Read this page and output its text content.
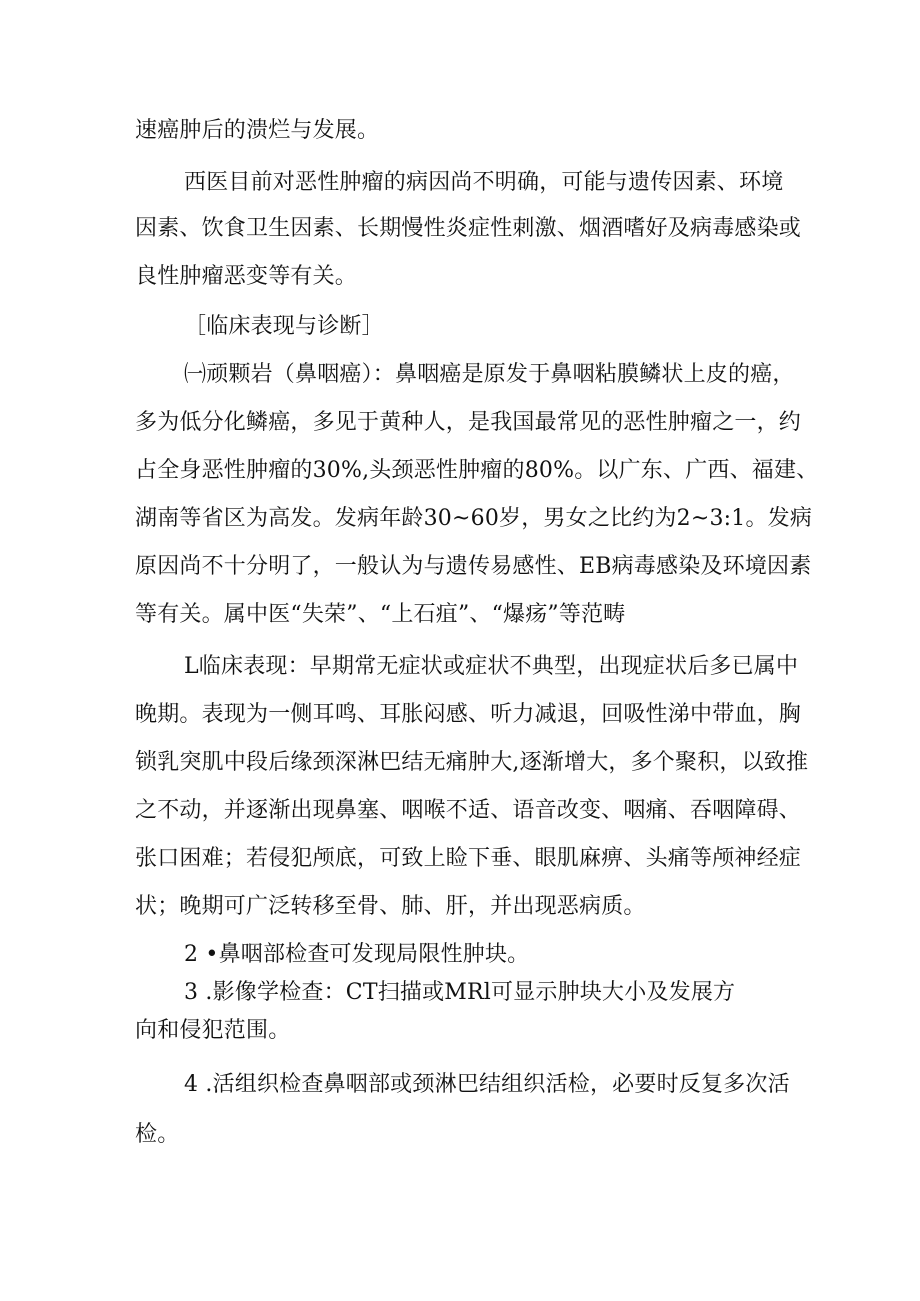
速癌肿后的溃烂与发展。
西医目前对恶性肿瘤的病因尚不明确，可能与遗传因素、环境
因素、饮食卫生因素、长期慢性炎症性刺激、烟酒嗜好及病毒感染或
良性肿瘤恶变等有关。
［临床表现与诊断］
㈠顽颗岩（鼻咽癌）：鼻咽癌是原发于鼻咽粘膜鳞状上皮的癌，
多为低分化鳞癌，多见于黄种人，是我国最常见的恶性肿瘤之一，约
占全身恶性肿瘤的30%,头颈恶性肿瘤的80%。以广东、广西、福建、
湖南等省区为高发。发病年龄30~60岁，男女之比约为2~3:1。发病
原因尚不十分明了，一般认为与遗传易感性、EB病毒感染及环境因素
等有关。属中医“失荣”、“上石疽”、“爆疡”等范畴
L临床表现：早期常无症状或症状不典型，出现症状后多已属中
晚期。表现为一侧耳鸣、耳胀闷感、听力减退，回吸性涕中带血，胸
锁乳突肌中段后缘颈深淋巴结无痛肿大,逐渐增大，多个聚积，以致推
之不动，并逐渐出现鼻塞、咽喉不适、语音改变、咽痛、吞咽障碍、
张口困难；若侵犯颅底，可致上睑下垂、眼肌麻痹、头痛等颅神经症
状；晚期可广泛转移至骨、肺、肝，并出现恶病质。
2 •鼻咽部检查可发现局限性肿块。
3 .影像学检查：CT扫描或MRl可显示肿块大小及发展方
向和侵犯范围。
4 .活组织检查鼻咽部或颈淋巴结组织活检，必要时反复多次活
检。
